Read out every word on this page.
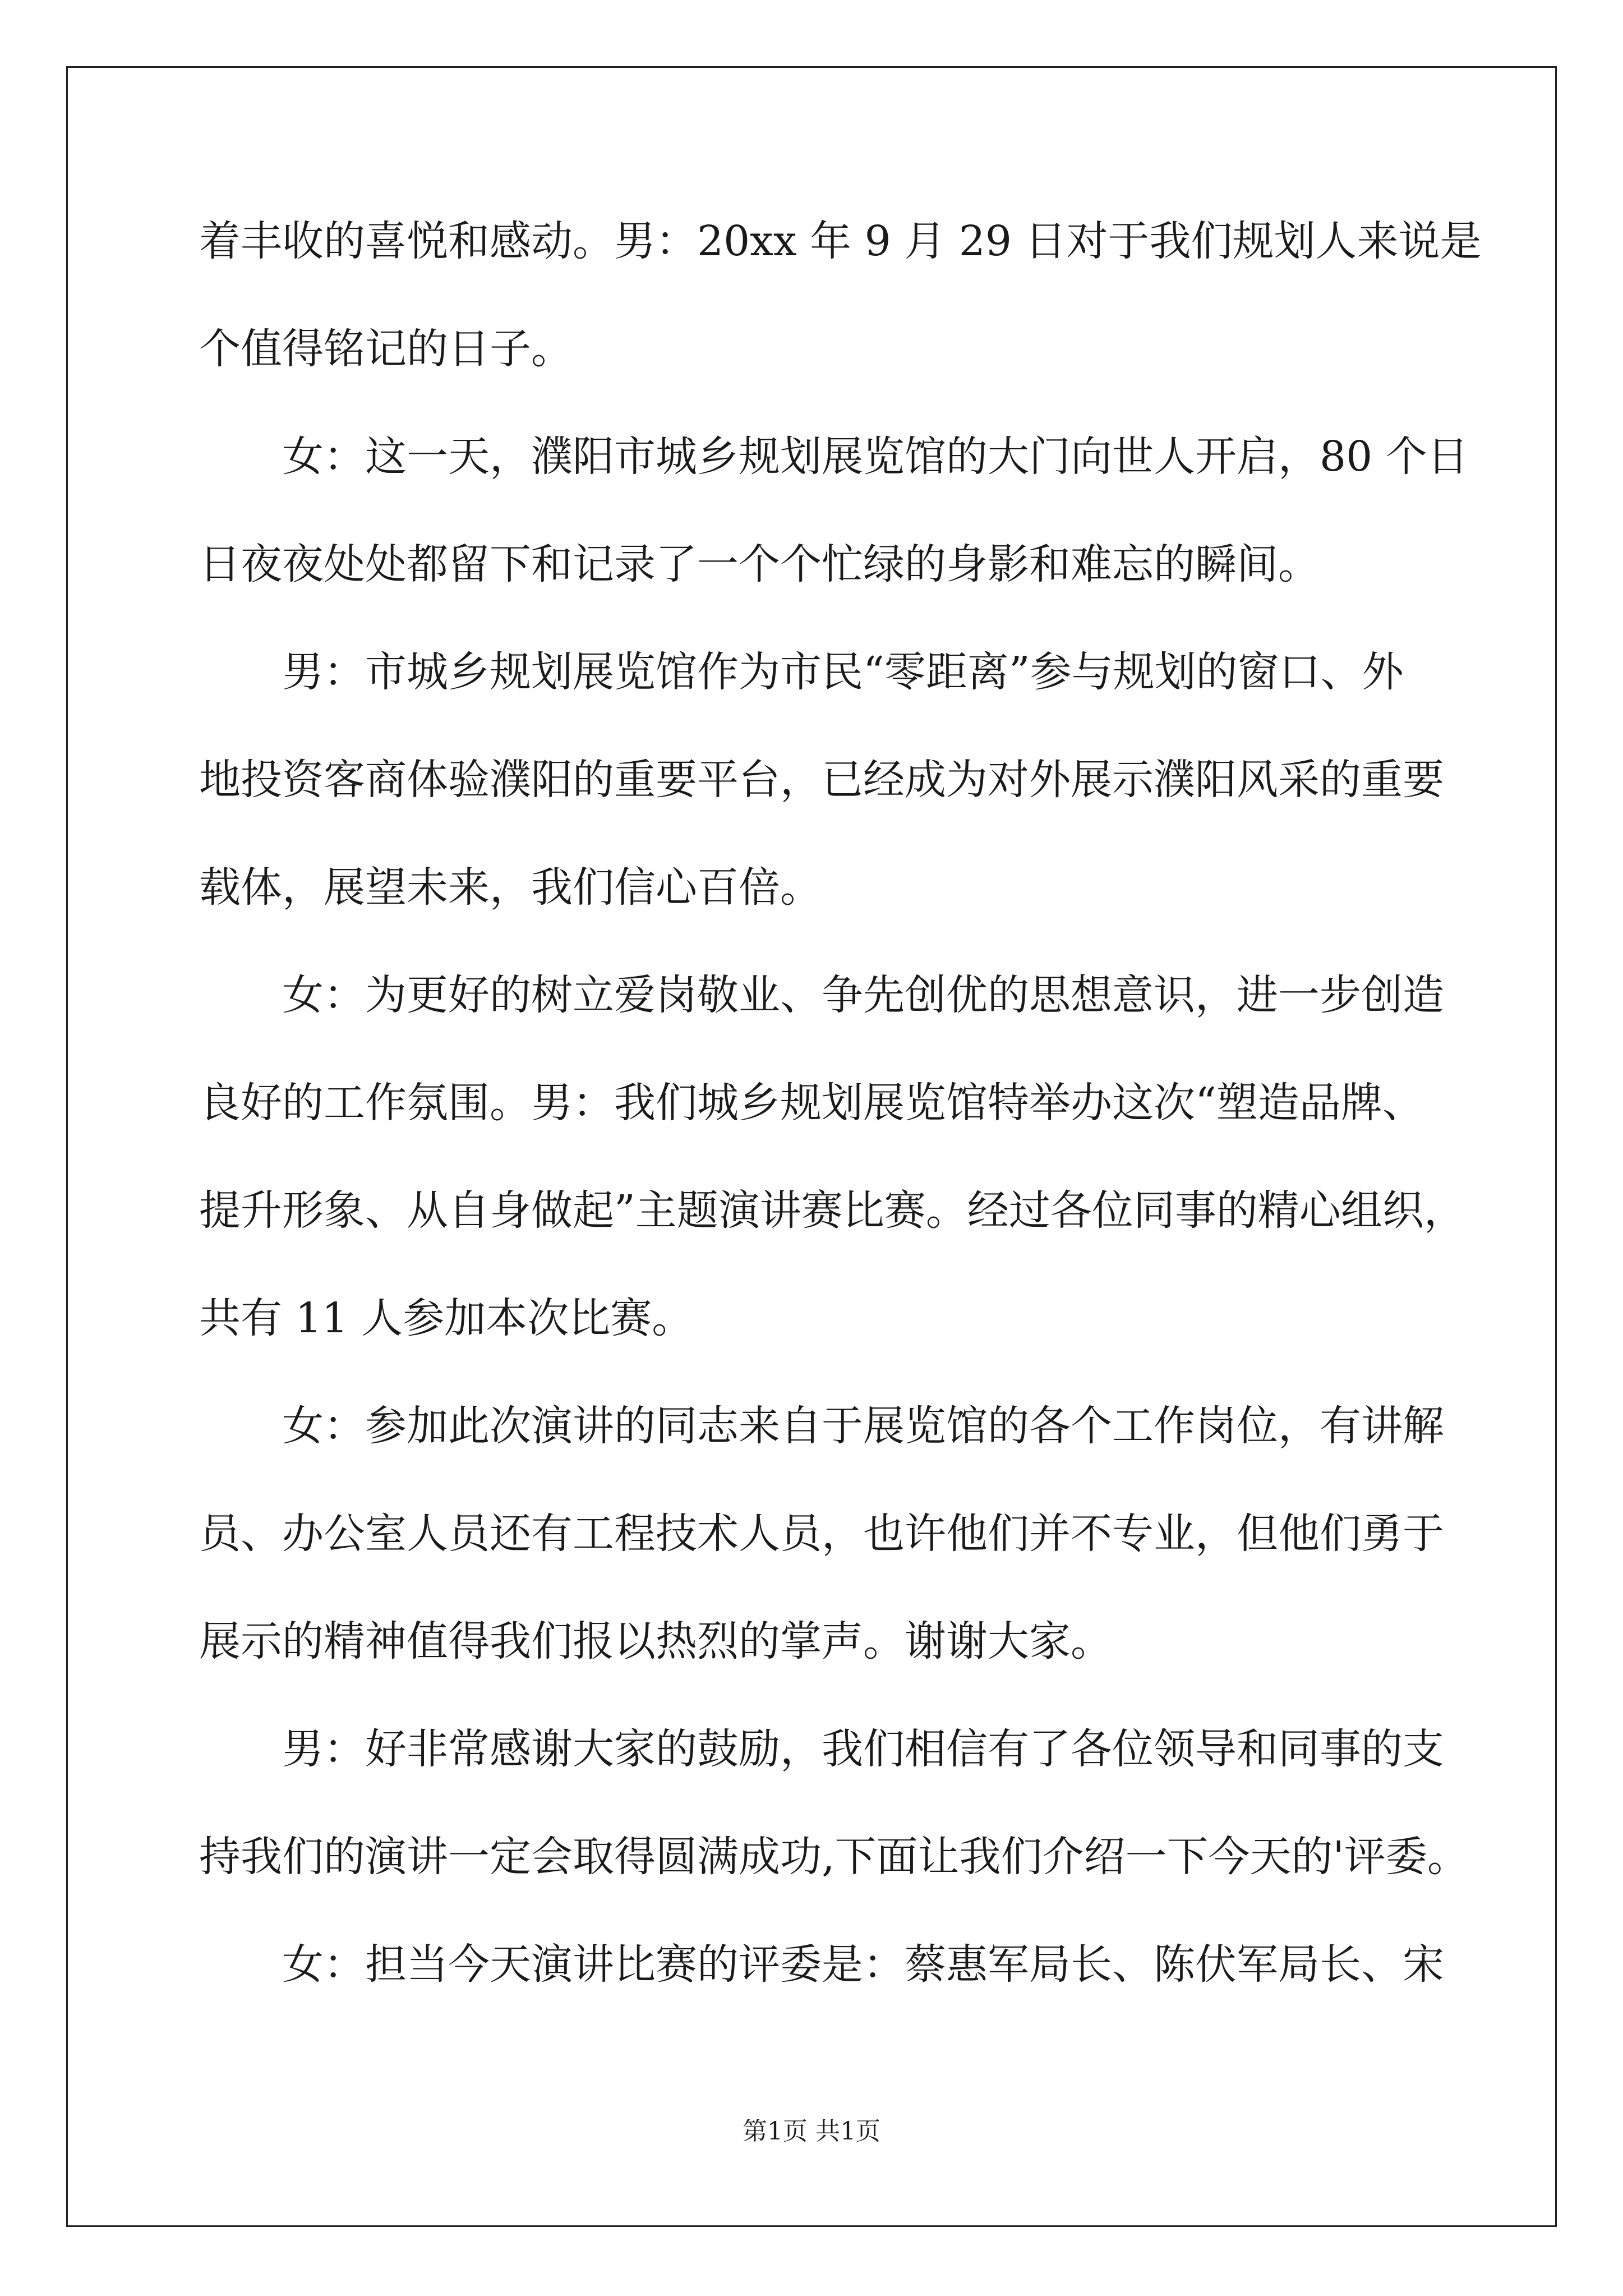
着丰收的喜悦和感动。男：20xx 年 9 月 29 日对于我们规划人来说是
个值得铭记的日子。
女：这一天，濮阳市城乡规划展览馆的大门向世人开启，80 个日
日夜夜处处都留下和记录了一个个忙绿的身影和难忘的瞬间。
男：市城乡规划展览馆作为市民“零距离”参与规划的窗口、外
地投资客商体验濮阳的重要平台，已经成为对外展示濮阳风采的重要
载体，展望未来，我们信心百倍。
女：为更好的树立爱岗敬业、争先创优的思想意识，进一步创造
良好的工作氛围。男：我们城乡规划展览馆特举办这次“塑造品牌、
提升形象、从自身做起”主题演讲赛比赛。经过各位同事的精心组织，
共有 11 人参加本次比赛。
女：参加此次演讲的同志来自于展览馆的各个工作岗位，有讲解
员、办公室人员还有工程技术人员，也许他们并不专业，但他们勇于
展示的精神值得我们报以热烈的掌声。谢谢大家。
男：好非常感谢大家的鼓励，我们相信有了各位领导和同事的支
持我们的演讲一定会取得圆满成功,下面让我们介绍一下今天的'评委。
女：担当今天演讲比赛的评委是：蔡惠军局长、陈伏军局长、宋
第1页 共1页
